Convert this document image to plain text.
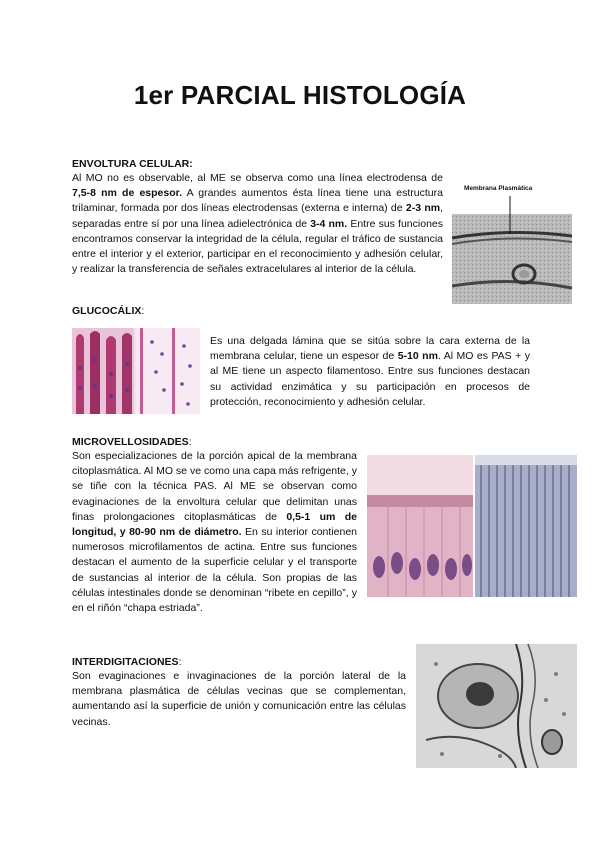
1er PARCIAL HISTOLOGÍA
ENVOLTURA CELULAR:

Al MO no es observable, al ME se observa como una línea electrodensa de 7,5-8 nm de espesor. A grandes aumentos ésta línea tiene una estructura trilaminar, formada por dos líneas electrodensas (externa e interna) de 2-3 nm, separadas entre sí por una línea adielectrónica de 3-4 nm. Entre sus funciones encontramos conservar la integridad de la célula, regular el tráfico de sustancia entre el interior y el exterior, participar en el reconocimiento y adhesión celular, y realizar la transferencia de señales extracelulares al interior de la célula.

Membrana Plasmática
GLUCOCÁLIX:

Es una delgada lámina que se sitúa sobre la cara externa de la membrana celular, tiene un espesor de 5-10 nm. Al MO es PAS + y al ME tiene un aspecto filamentoso. Entre sus funciones destacan su actividad enzimática y su participación en procesos de protección, reconocimiento y adhesión celular.

MICROVELLOSIDADES:

Son especializaciones de la porción apical de la membrana citoplasmática. Al MO se ve como una capa más refrigente, y se tiñe con la técnica PAS. Al ME se observan como evaginaciones de la envoltura celular que delimitan unas finas prolongaciones citoplasmáticas de 0,5-1 um de longitud, y 80-90 nm de diámetro. En su interior contienen numerosos microfilamentos de actina. Entre sus funciones destacan el aumento de la superficie celular y el transporte de sustancias al interior de la célula. Son propias de las células intestinales donde se denominan “ribete en cepillo”, y en el riñón “chapa estriada”.

INTERDIGITACIONES:

Son evaginaciones e invaginaciones de la porción lateral de la membrana plasmática de células vecinas que se complementan, aumentando así la superficie de unión y comunicación entre las células vecinas.
